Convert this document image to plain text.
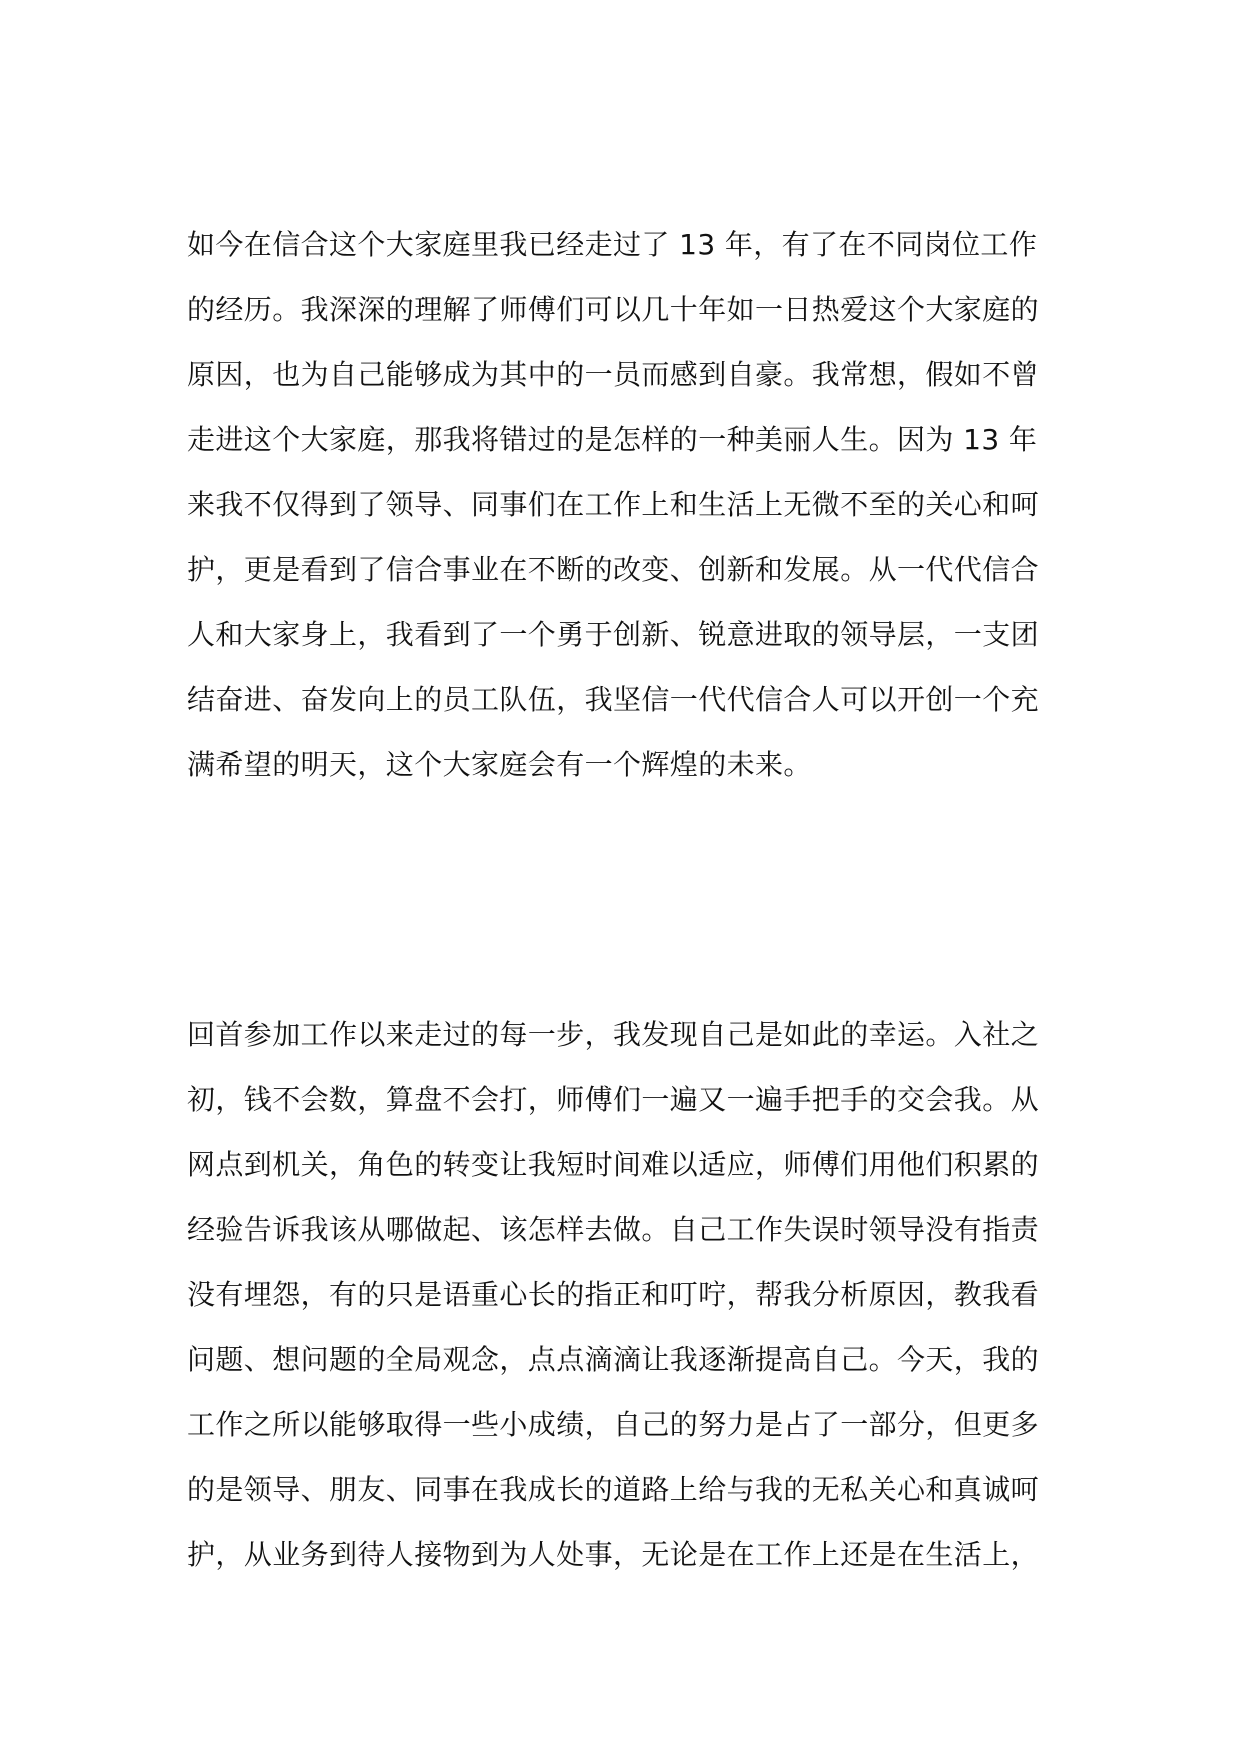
如今在信合这个大家庭里我已经走过了 13 年，有了在不同岗位工作
的经历。我深深的理解了师傅们可以几十年如一日热爱这个大家庭的
原因，也为自己能够成为其中的一员而感到自豪。我常想，假如不曾
走进这个大家庭，那我将错过的是怎样的一种美丽人生。因为 13 年
来我不仅得到了领导、同事们在工作上和生活上无微不至的关心和呵
护，更是看到了信合事业在不断的改变、创新和发展。从一代代信合
人和大家身上，我看到了一个勇于创新、锐意进取的领导层，一支团
结奋进、奋发向上的员工队伍，我坚信一代代信合人可以开创一个充
满希望的明天，这个大家庭会有一个辉煌的未来。
回首参加工作以来走过的每一步，我发现自己是如此的幸运。入社之
初，钱不会数，算盘不会打，师傅们一遍又一遍手把手的交会我。从
网点到机关，角色的转变让我短时间难以适应，师傅们用他们积累的
经验告诉我该从哪做起、该怎样去做。自己工作失误时领导没有指责
没有埋怨，有的只是语重心长的指正和叮咛，帮我分析原因，教我看
问题、想问题的全局观念，点点滴滴让我逐渐提高自己。今天，我的
工作之所以能够取得一些小成绩，自己的努力是占了一部分，但更多
的是领导、朋友、同事在我成长的道路上给与我的无私关心和真诚呵
护，从业务到待人接物到为人处事，无论是在工作上还是在生活上，
